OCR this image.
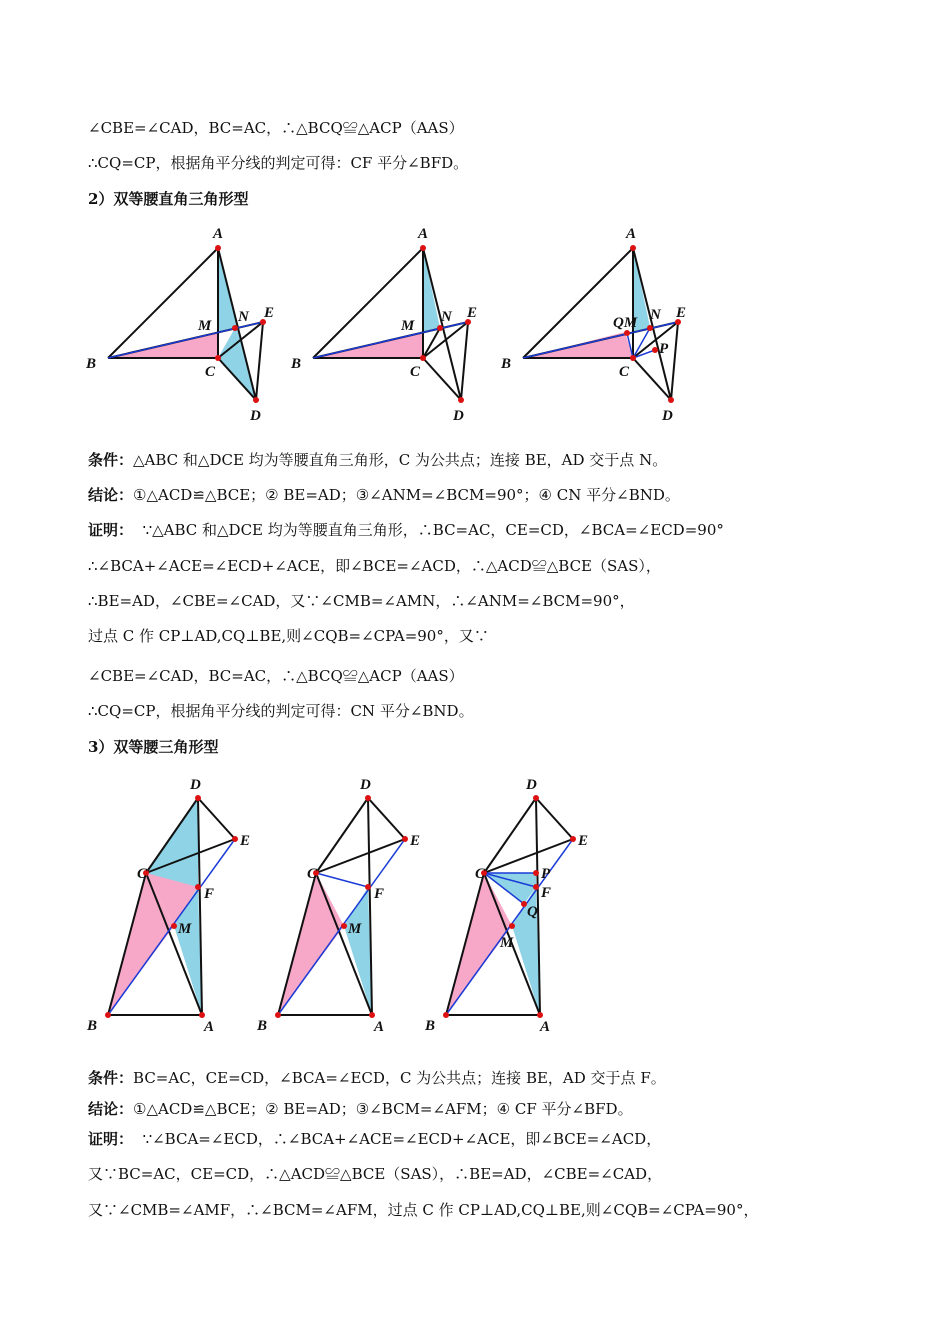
∠CBE=∠CAD，BC=AC，∴△BCQ≌△ACP（AAS）
∴CQ=CP，根据角平分线的判定可得：CF 平分∠BFD。
2）双等腰直角三角形型
A
B	C
D
E
M
N
A
B	C
D
E
M
N
A
B	C
D
E
QM N
P
条件：△ABC 和△DCE 均为等腰直角三角形，C 为公共点；连接 BE，AD 交于点 N。
结论：①△ACD≌△BCE；② BE=AD；③∠ANM=∠BCM=90°；④ CN 平分∠BND。
证明： ∵△ABC 和△DCE 均为等腰直角三角形，∴BC=AC，CE=CD，∠BCA=∠ECD=90°
∴∠BCA+∠ACE=∠ECD+∠ACE，即∠BCE=∠ACD，∴△ACD≌△BCE（SAS），
∴BE=AD，∠CBE=∠CAD，又∵∠CMB=∠AMN，∴∠ANM=∠BCM=90°，
过点 C 作 CP⊥AD,CQ⊥BE,则∠CQB=∠CPA=90°，又∵
∠CBE=∠CAD，BC=AC，∴△BCQ≌△ACP（AAS）
∴CQ=CP，根据角平分线的判定可得：CN 平分∠BND。
3）双等腰三角形型
D
E
C
F
M
B	A
D
E
C
F
M
B	A
D
E
C	P
F
Q
M
B	A
条件：BC=AC，CE=CD，∠BCA=∠ECD，C 为公共点；连接 BE，AD 交于点 F。
结论：①△ACD≌△BCE；② BE=AD；③∠BCM=∠AFM；④ CF 平分∠BFD。
证明： ∵∠BCA=∠ECD，∴∠BCA+∠ACE=∠ECD+∠ACE，即∠BCE=∠ACD，
又∵BC=AC，CE=CD，∴△ACD≌△BCE（SAS），∴BE=AD，∠CBE=∠CAD，
又∵∠CMB=∠AMF，∴∠BCM=∠AFM，过点 C 作 CP⊥AD,CQ⊥BE,则∠CQB=∠CPA=90°，
